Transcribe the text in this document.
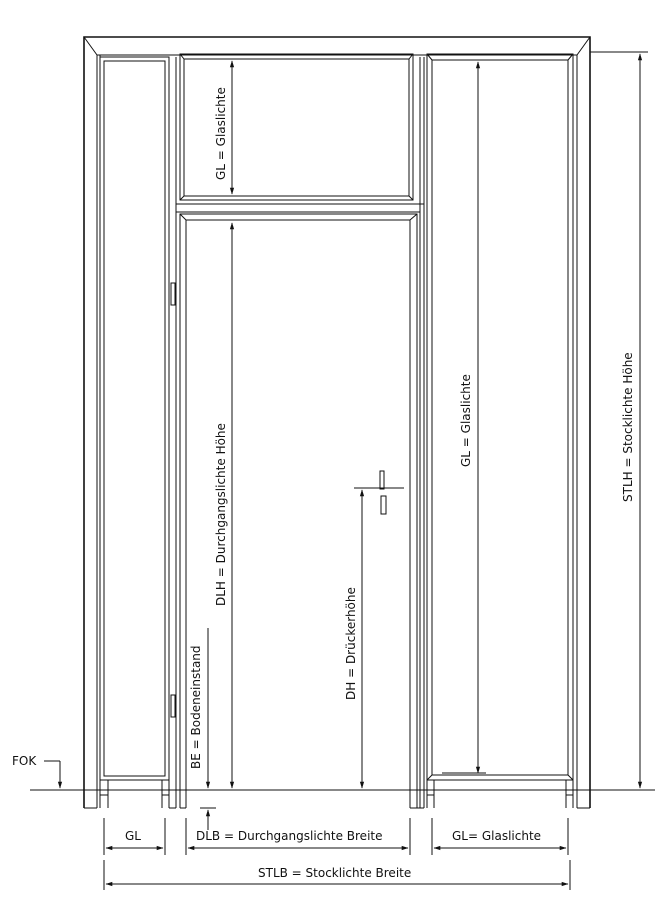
FOK
GL = Glaslichte
DLH = Durchgangslichte Höhe
GL = Glaslichte	STLH = Stocklichte Höhe
DH = Drückerhöhe
BE = Bodeneinstand
GL	DLB = Durchgangslichte Breite	GL= Glaslichte
STLB = Stocklichte Breite
